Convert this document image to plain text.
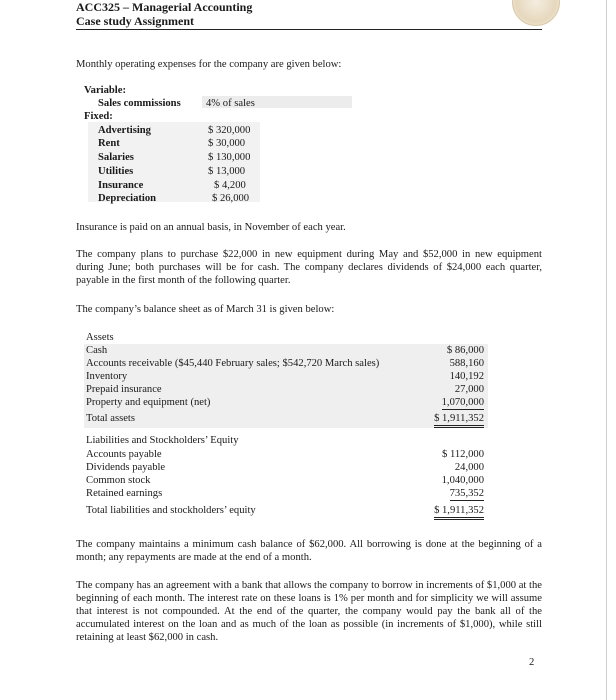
ACC325 – Managerial Accounting
Case study Assignment
Monthly operating expenses for the company are given below:
Variable:
Sales commissions 4% of sales
Fixed:
Advertising	$ 320,000
Rent	$ 30,000
Salaries	$ 130,000
Utilities	$ 13,000
Insurance	$ 4,200
Depreciation	$ 26,000
Insurance is paid on an annual basis, in November of each year.
The company plans to purchase $22,000 in new equipment during May and $52,000 in new equipment during June; both purchases will be for cash. The company declares dividends of $24,000 each quarter, payable in the first month of the following quarter.
The company’s balance sheet as of March 31 is given below:
Assets
Cash	$ 86,000
Accounts receivable ($45,440 February sales; $542,720 March sales)	588,160
Inventory	140,192
Prepaid insurance	27,000
Property and equipment (net)	1,070,000
Total assets	$ 1,911,352
Liabilities and Stockholders’ Equity
Accounts payable	$ 112,000
Dividends payable	24,000
Common stock	1,040,000
Retained earnings	735,352
Total liabilities and stockholders’ equity	$ 1,911,352
The company maintains a minimum cash balance of $62,000. All borrowing is done at the beginning of a month; any repayments are made at the end of a month.
The company has an agreement with a bank that allows the company to borrow in increments of $1,000 at the beginning of each month. The interest rate on these loans is 1% per month and for simplicity we will assume that interest is not compounded. At the end of the quarter, the company would pay the bank all of the accumulated interest on the loan and as much of the loan as possible (in increments of $1,000), while still retaining at least $62,000 in cash.
2
